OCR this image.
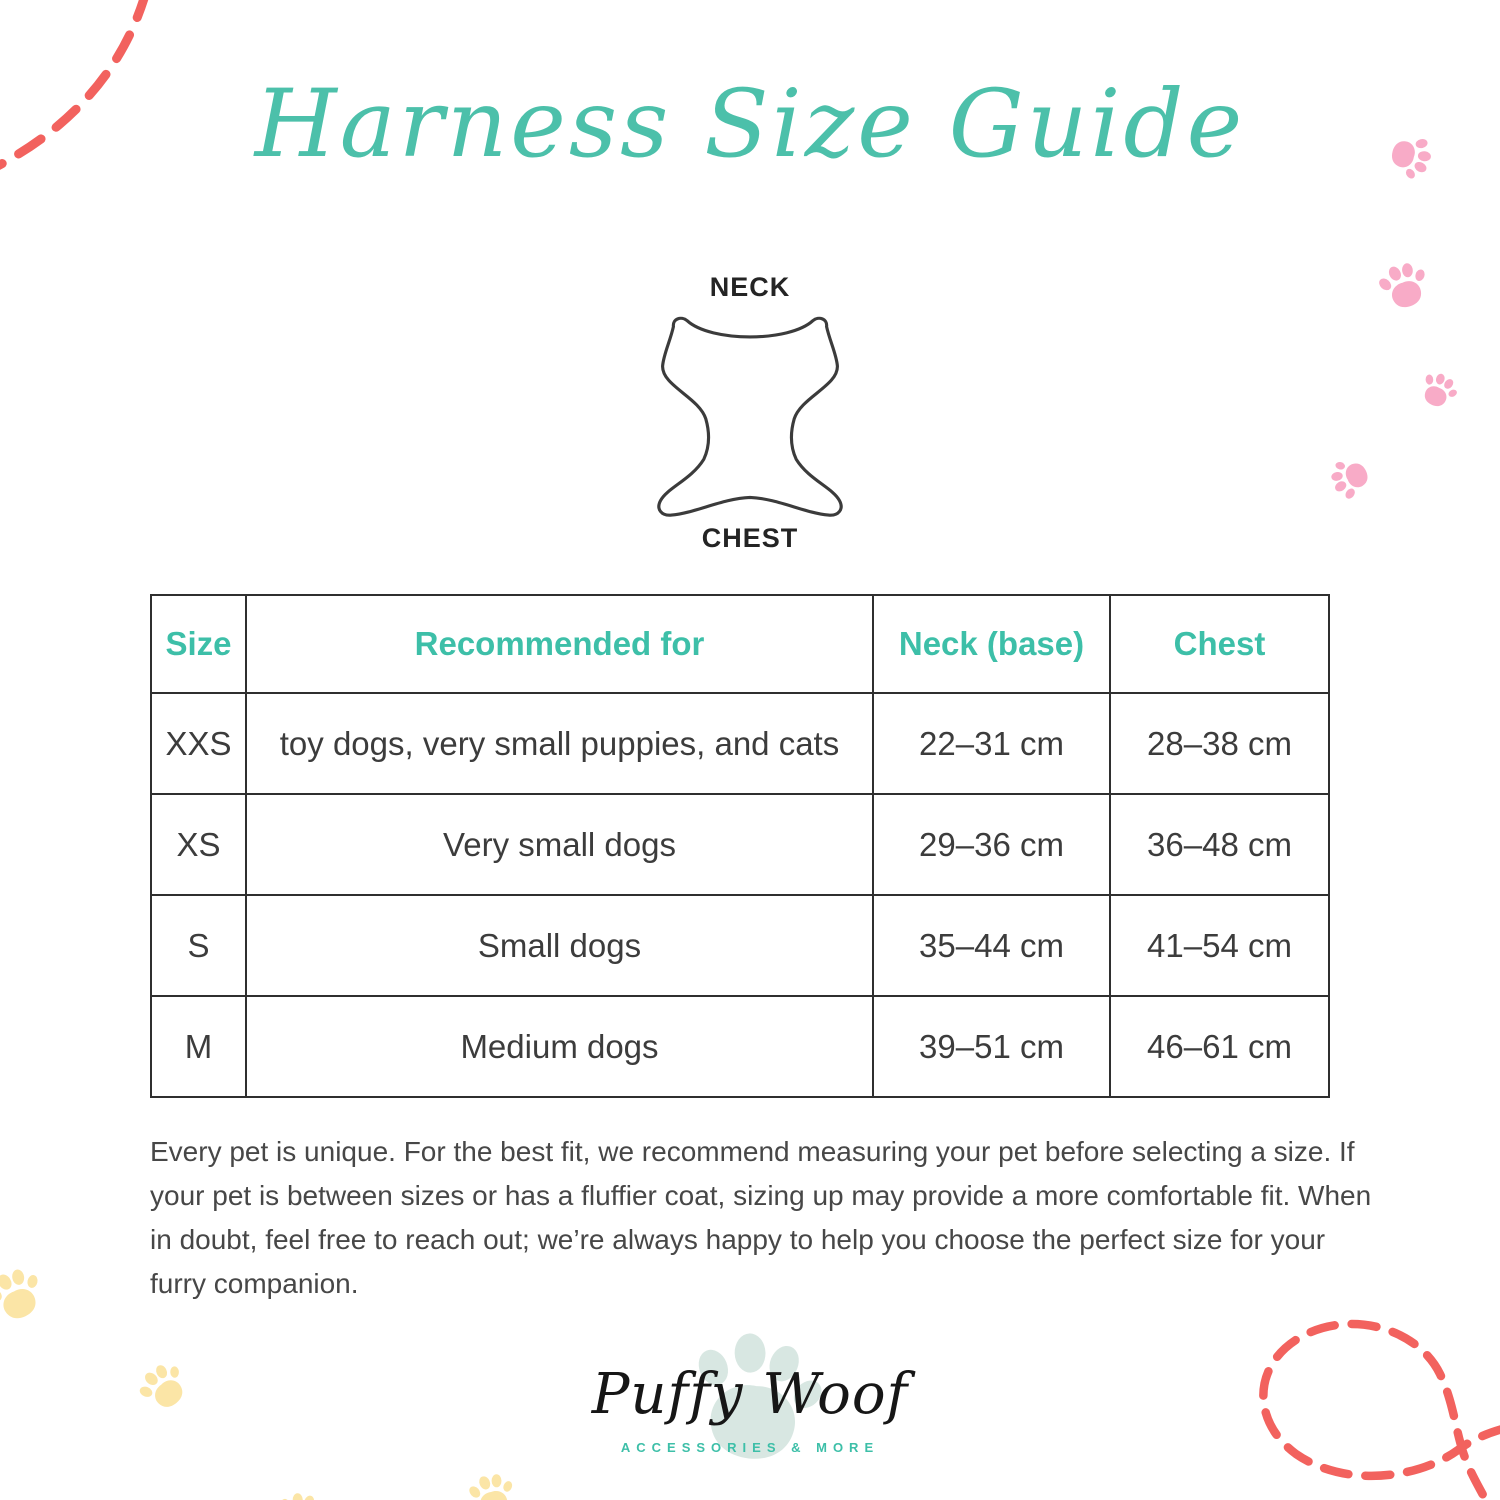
Harness Size Guide
NECK
CHEST
Size	Recommended for	Neck (base)	Chest
XXS	toy dogs, very small puppies, and cats	22–31 cm	28–38 cm
XS	Very small dogs	29–36 cm	36–48 cm
S	Small dogs	35–44 cm	41–54 cm
M	Medium dogs	39–51 cm	46–61 cm
Every pet is unique. For the best fit, we recommend measuring your pet before selecting a size. If your pet is between sizes or has a fluffier coat, sizing up may provide a more comfortable fit. When in doubt, feel free to reach out; we’re always happy to help you choose the perfect size for your furry companion.
Puffy Woof
ACCESSORIES & MORE
